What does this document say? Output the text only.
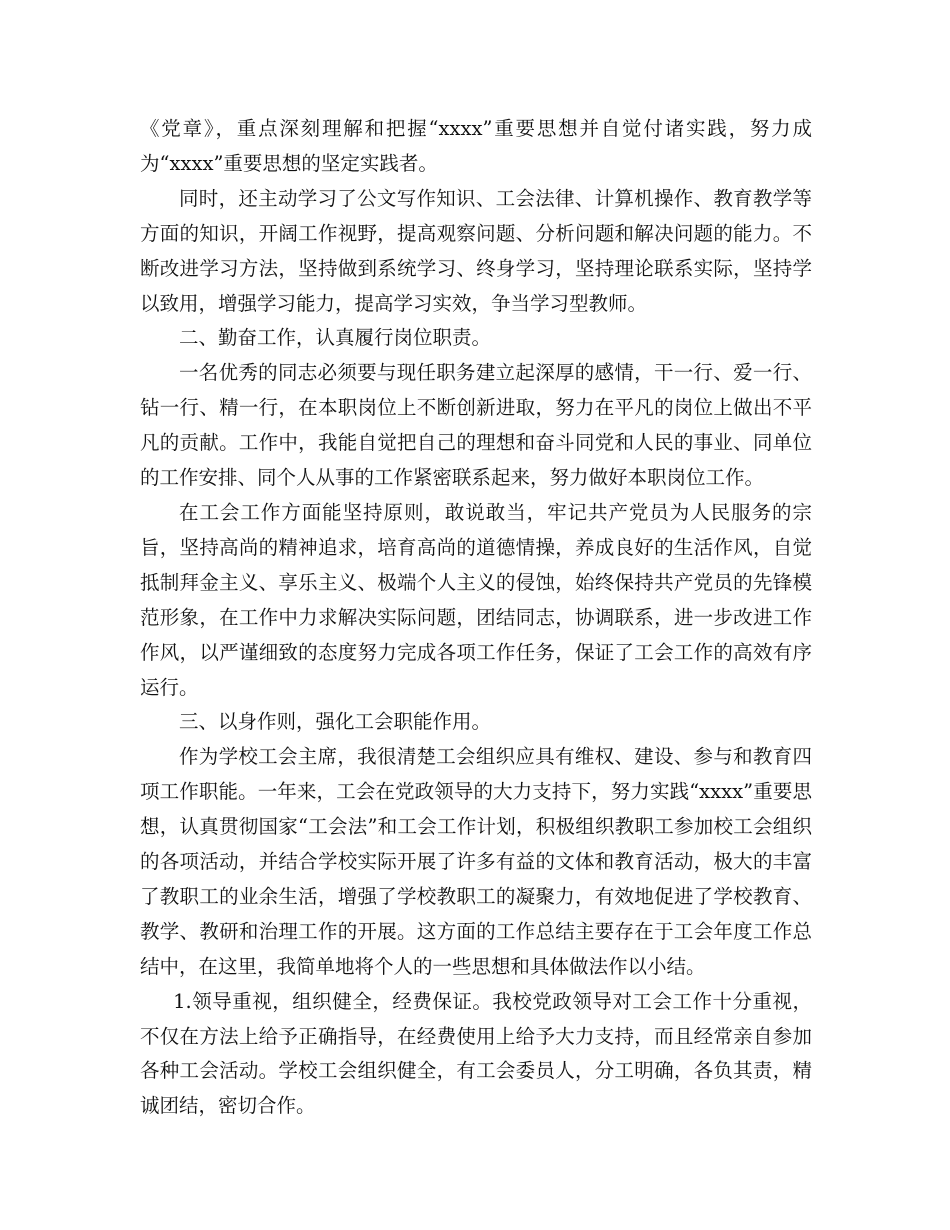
《党章》，重点深刻理解和把握“xxxx”重要思想并自觉付诸实践，努力成为“xxxx”重要思想的坚定实践者。

同时，还主动学习了公文写作知识、工会法律、计算机操作、教育教学等方面的知识，开阔工作视野，提高观察问题、分析问题和解决问题的能力。不断改进学习方法，坚持做到系统学习、终身学习，坚持理论联系实际，坚持学以致用，增强学习能力，提高学习实效，争当学习型教师。

二、勤奋工作，认真履行岗位职责。

一名优秀的同志必须要与现任职务建立起深厚的感情，干一行、爱一行、钻一行、精一行，在本职岗位上不断创新进取，努力在平凡的岗位上做出不平凡的贡献。工作中，我能自觉把自己的理想和奋斗同党和人民的事业、同单位的工作安排、同个人从事的工作紧密联系起来，努力做好本职岗位工作。

在工会工作方面能坚持原则，敢说敢当，牢记共产党员为人民服务的宗旨，坚持高尚的精神追求，培育高尚的道德情操，养成良好的生活作风，自觉抵制拜金主义、享乐主义、极端个人主义的侵蚀，始终保持共产党员的先锋模范形象，在工作中力求解决实际问题，团结同志，协调联系，进一步改进工作作风，以严谨细致的态度努力完成各项工作任务，保证了工会工作的高效有序运行。

三、以身作则，强化工会职能作用。

作为学校工会主席，我很清楚工会组织应具有维权、建设、参与和教育四项工作职能。一年来，工会在党政领导的大力支持下，努力实践“xxxx”重要思想，认真贯彻国家“工会法”和工会工作计划，积极组织教职工参加校工会组织的各项活动，并结合学校实际开展了许多有益的文体和教育活动，极大的丰富了教职工的业余生活，增强了学校教职工的凝聚力，有效地促进了学校教育、教学、教研和治理工作的开展。这方面的工作总结主要存在于工会年度工作总结中，在这里，我简单地将个人的一些思想和具体做法作以小结。

1.领导重视，组织健全，经费保证。我校党政领导对工会工作十分重视，不仅在方法上给予正确指导，在经费使用上给予大力支持，而且经常亲自参加各种工会活动。学校工会组织健全，有工会委员人，分工明确，各负其责，精诚团结，密切合作。
